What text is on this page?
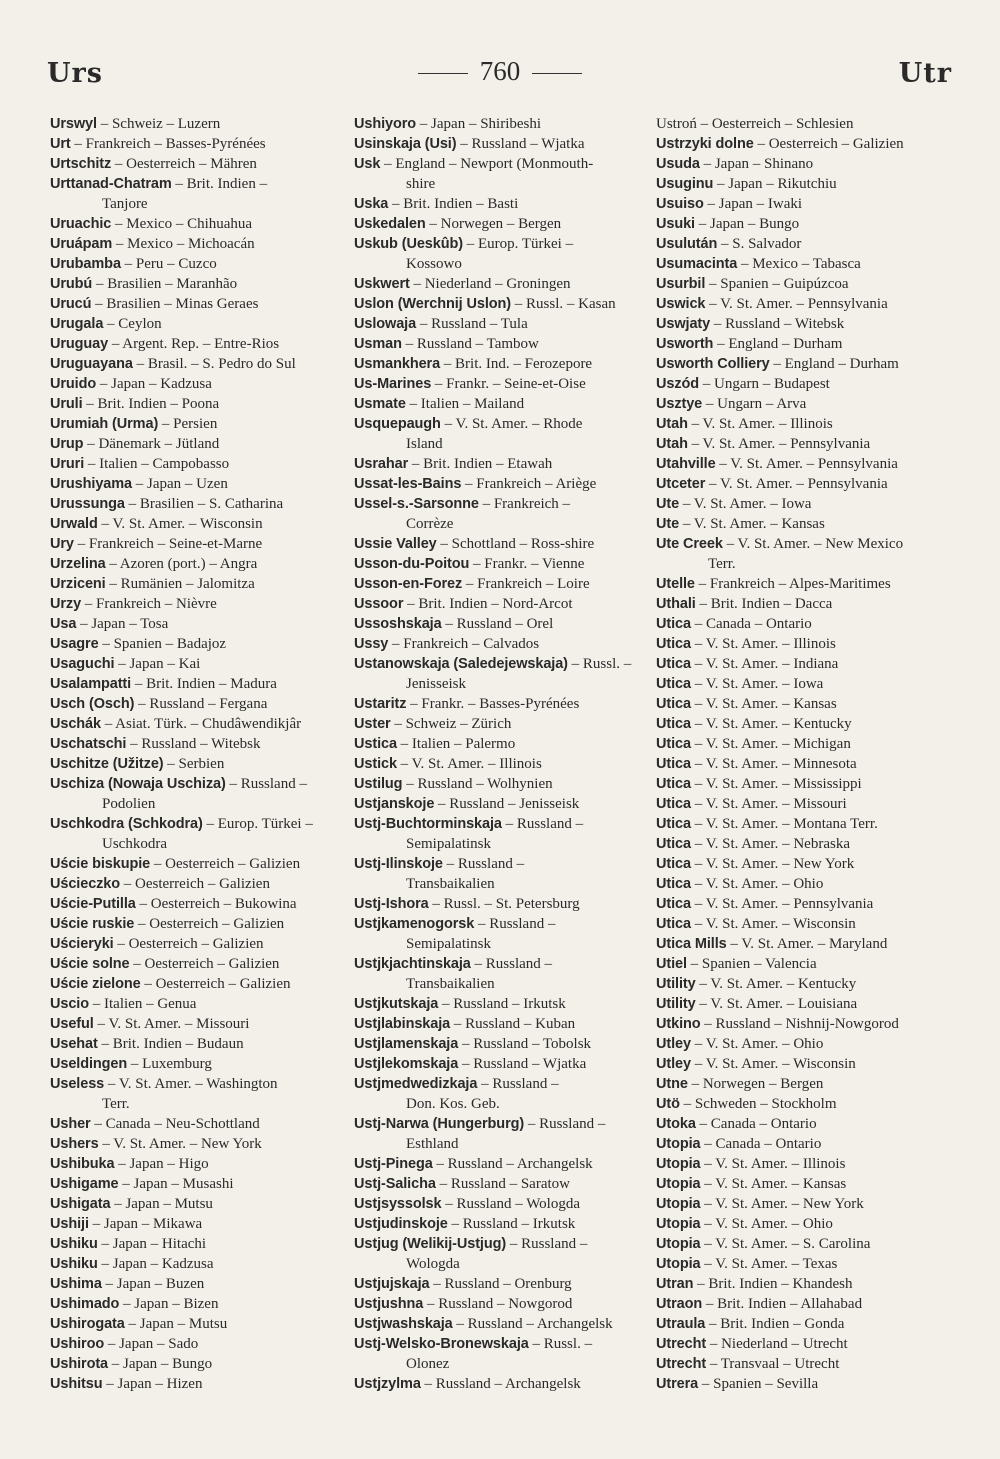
Urs	760	Utr
Urswyl – Schweiz – Luzern
Urt – Frankreich – Basses-Pyrénées
Urtschitz – Oesterreich – Mähren
Urttanad-Chatram – Brit. Indien –
Tanjore
Uruachic – Mexico – Chihuahua
Uruápam – Mexico – Michoacán
Urubamba – Peru – Cuzco
Urubú – Brasilien – Maranhão
Urucú – Brasilien – Minas Geraes
Urugala – Ceylon
Uruguay – Argent. Rep. – Entre-Rios
Uruguayana – Brasil. – S. Pedro do Sul
Uruido – Japan – Kadzusa
Uruli – Brit. Indien – Poona
Urumiah (Urma) – Persien
Urup – Dänemark – Jütland
Ururi – Italien – Campobasso
Urushiyama – Japan – Uzen
Urussunga – Brasilien – S. Catharina
Urwald – V. St. Amer. – Wisconsin
Ury – Frankreich – Seine-et-Marne
Urzelina – Azoren (port.) – Angra
Urziceni – Rumänien – Jalomitza
Urzy – Frankreich – Nièvre
Usa – Japan – Tosa
Usagre – Spanien – Badajoz
Usaguchi – Japan – Kai
Usalampatti – Brit. Indien – Madura
Usch (Osch) – Russland – Fergana
Uschák – Asiat. Türk. – Chudâwendikjâr
Uschatschi – Russland – Witebsk
Uschitze (Užitze) – Serbien
Uschiza (Nowaja Uschiza) – Russland –
Podolien
Uschkodra (Schkodra) – Europ. Türkei –
Uschkodra
Uście biskupie – Oesterreich – Galizien
Uścieczko – Oesterreich – Galizien
Uście-Putilla – Oesterreich – Bukowina
Uście ruskie – Oesterreich – Galizien
Uścieryki – Oesterreich – Galizien
Uście solne – Oesterreich – Galizien
Uście zielone – Oesterreich – Galizien
Uscio – Italien – Genua
Useful – V. St. Amer. – Missouri
Usehat – Brit. Indien – Budaun
Useldingen – Luxemburg
Useless – V. St. Amer. – Washington
Terr.
Usher – Canada – Neu-Schottland
Ushers – V. St. Amer. – New York
Ushibuka – Japan – Higo
Ushigame – Japan – Musashi
Ushigata – Japan – Mutsu
Ushiji – Japan – Mikawa
Ushiku – Japan – Hitachi
Ushiku – Japan – Kadzusa
Ushima – Japan – Buzen
Ushimado – Japan – Bizen
Ushirogata – Japan – Mutsu
Ushiroo – Japan – Sado
Ushirota – Japan – Bungo
Ushitsu – Japan – Hizen
Ushiyoro – Japan – Shiribeshi
Usinskaja (Usi) – Russland – Wjatka
Usk – England – Newport (Monmouth-
shire
Uska – Brit. Indien – Basti
Uskedalen – Norwegen – Bergen
Uskub (Ueskûb) – Europ. Türkei –
Kossowo
Uskwert – Niederland – Groningen
Uslon (Werchnij Uslon) – Russl. – Kasan
Uslowaja – Russland – Tula
Usman – Russland – Tambow
Usmankhera – Brit. Ind. – Ferozepore
Us-Marines – Frankr. – Seine-et-Oise
Usmate – Italien – Mailand
Usquepaugh – V. St. Amer. – Rhode
Island
Usrahar – Brit. Indien – Etawah
Ussat-les-Bains – Frankreich – Ariège
Ussel-s.-Sarsonne – Frankreich –
Corrèze
Ussie Valley – Schottland – Ross-shire
Usson-du-Poitou – Frankr. – Vienne
Usson-en-Forez – Frankreich – Loire
Ussoor – Brit. Indien – Nord-Arcot
Ussoshskaja – Russland – Orel
Ussy – Frankreich – Calvados
Ustanowskaja (Saledejewskaja) – Russl. –
Jenisseisk
Ustaritz – Frankr. – Basses-Pyrénées
Uster – Schweiz – Zürich
Ustica – Italien – Palermo
Ustick – V. St. Amer. – Illinois
Ustilug – Russland – Wolhynien
Ustjanskoje – Russland – Jenisseisk
Ustj-Buchtorminskaja – Russland –
Semipalatinsk
Ustj-Ilinskoje – Russland –
Transbaikalien
Ustj-Ishora – Russl. – St. Petersburg
Ustjkamenogorsk – Russland –
Semipalatinsk
Ustjkjachtinskaja – Russland –
Transbaikalien
Ustjkutskaja – Russland – Irkutsk
Ustjlabinskaja – Russland – Kuban
Ustjlamenskaja – Russland – Tobolsk
Ustjlekomskaja – Russland – Wjatka
Ustjmedwedizkaja – Russland –
Don. Kos. Geb.
Ustj-Narwa (Hungerburg) – Russland –
Esthland
Ustj-Pinega – Russland – Archangelsk
Ustj-Salicha – Russland – Saratow
Ustjsyssolsk – Russland – Wologda
Ustjudinskoje – Russland – Irkutsk
Ustjug (Welikij-Ustjug) – Russland –
Wologda
Ustjujskaja – Russland – Orenburg
Ustjushna – Russland – Nowgorod
Ustjwashskaja – Russland – Archangelsk
Ustj-Welsko-Bronewskaja – Russl. –
Olonez
Ustjzylma – Russland – Archangelsk
Ustroń – Oesterreich – Schlesien
Ustrzyki dolne – Oesterreich – Galizien
Usuda – Japan – Shinano
Usuginu – Japan – Rikutchiu
Usuiso – Japan – Iwaki
Usuki – Japan – Bungo
Usulután – S. Salvador
Usumacinta – Mexico – Tabasca
Usurbil – Spanien – Guipúzcoa
Uswick – V. St. Amer. – Pennsylvania
Uswjaty – Russland – Witebsk
Usworth – England – Durham
Usworth Colliery – England – Durham
Uszód – Ungarn – Budapest
Usztye – Ungarn – Arva
Utah – V. St. Amer. – Illinois
Utah – V. St. Amer. – Pennsylvania
Utahville – V. St. Amer. – Pennsylvania
Utceter – V. St. Amer. – Pennsylvania
Ute – V. St. Amer. – Iowa
Ute – V. St. Amer. – Kansas
Ute Creek – V. St. Amer. – New Mexico
Terr.
Utelle – Frankreich – Alpes-Maritimes
Uthali – Brit. Indien – Dacca
Utica – Canada – Ontario
Utica – V. St. Amer. – Illinois
Utica – V. St. Amer. – Indiana
Utica – V. St. Amer. – Iowa
Utica – V. St. Amer. – Kansas
Utica – V. St. Amer. – Kentucky
Utica – V. St. Amer. – Michigan
Utica – V. St. Amer. – Minnesota
Utica – V. St. Amer. – Mississippi
Utica – V. St. Amer. – Missouri
Utica – V. St. Amer. – Montana Terr.
Utica – V. St. Amer. – Nebraska
Utica – V. St. Amer. – New York
Utica – V. St. Amer. – Ohio
Utica – V. St. Amer. – Pennsylvania
Utica – V. St. Amer. – Wisconsin
Utica Mills – V. St. Amer. – Maryland
Utiel – Spanien – Valencia
Utility – V. St. Amer. – Kentucky
Utility – V. St. Amer. – Louisiana
Utkino – Russland – Nishnij-Nowgorod
Utley – V. St. Amer. – Ohio
Utley – V. St. Amer. – Wisconsin
Utne – Norwegen – Bergen
Utö – Schweden – Stockholm
Utoka – Canada – Ontario
Utopia – Canada – Ontario
Utopia – V. St. Amer. – Illinois
Utopia – V. St. Amer. – Kansas
Utopia – V. St. Amer. – New York
Utopia – V. St. Amer. – Ohio
Utopia – V. St. Amer. – S. Carolina
Utopia – V. St. Amer. – Texas
Utran – Brit. Indien – Khandesh
Utraon – Brit. Indien – Allahabad
Utraula – Brit. Indien – Gonda
Utrecht – Niederland – Utrecht
Utrecht – Transvaal – Utrecht
Utrera – Spanien – Sevilla
